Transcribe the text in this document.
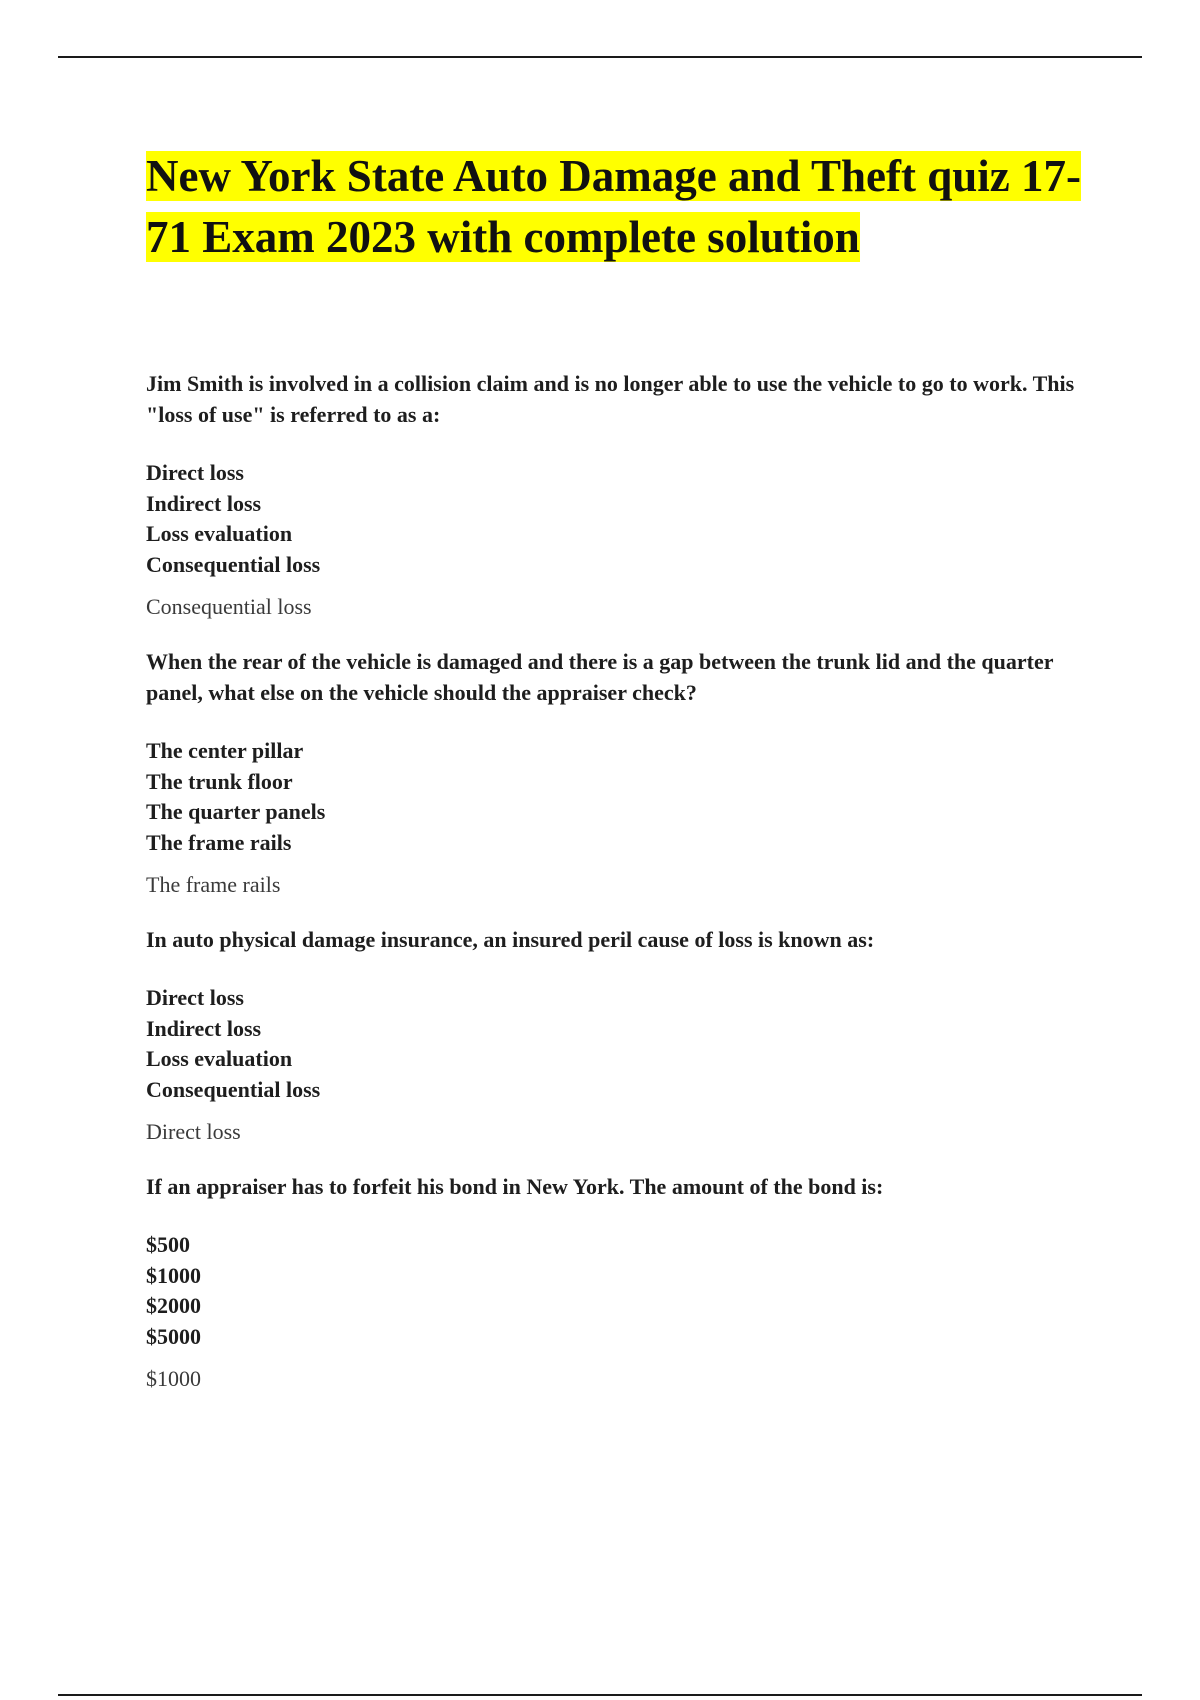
New York State Auto Damage and Theft quiz 17-71 Exam 2023 with complete solution

Jim Smith is involved in a collision claim and is no longer able to use the vehicle to go to work. This "loss of use" is referred to as a:

Direct loss
Indirect loss
Loss evaluation
Consequential loss

Consequential loss

When the rear of the vehicle is damaged and there is a gap between the trunk lid and the quarter panel, what else on the vehicle should the appraiser check?

The center pillar
The trunk floor
The quarter panels
The frame rails

The frame rails

In auto physical damage insurance, an insured peril cause of loss is known as:

Direct loss
Indirect loss
Loss evaluation
Consequential loss

Direct loss

If an appraiser has to forfeit his bond in New York. The amount of the bond is:

$500
$1000
$2000
$5000

$1000
